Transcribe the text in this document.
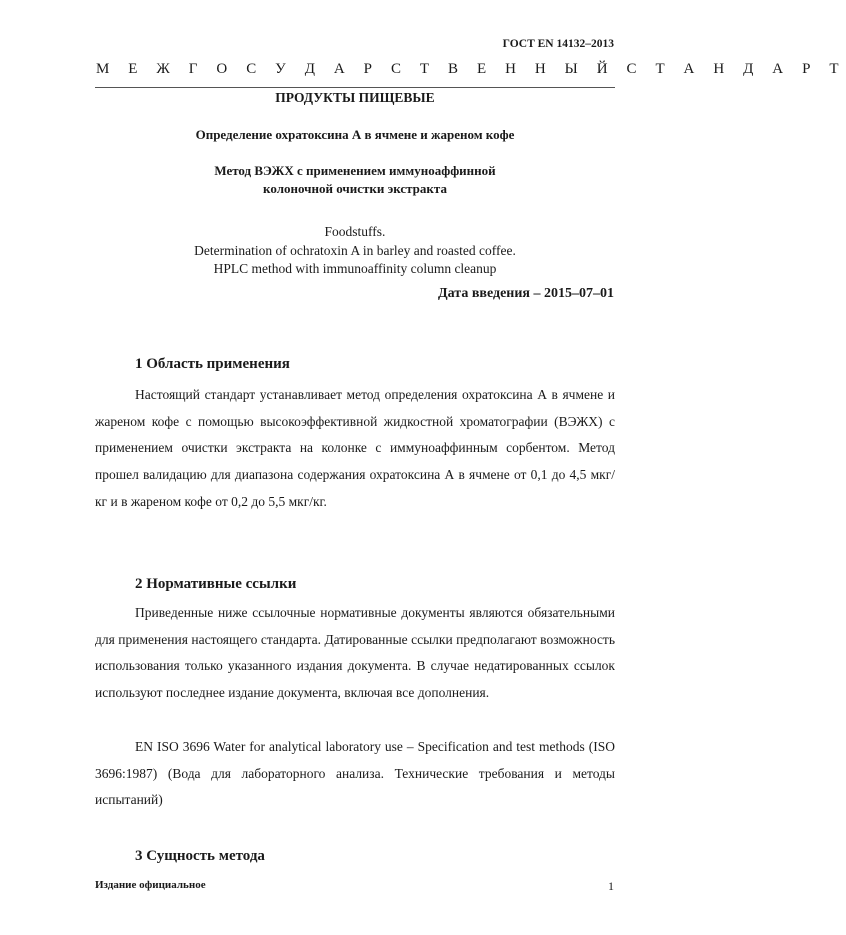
ГОСТ EN 14132–2013
М Е Ж Г О С У Д А Р С Т В Е Н Н Ы Й С Т А Н Д А Р Т
ПРОДУКТЫ ПИЩЕВЫЕ
Определение охратоксина А в ячмене и жареном кофе
Метод ВЭЖХ с применением иммуноаффинной
колоночной очистки экстракта
Foodstuffs.
Determination of ochratoxin A in barley and roasted coffee.
HPLC method with immunoaffinity column cleanup
Дата введения – 2015–07–01
1 Область применения

Настоящий стандарт устанавливает метод определения охратоксина А в ячмене и жареном кофе с помощью высокоэффективной жидкостной хроматографии (ВЭЖХ) с применением очистки экстракта на колонке с иммуноаффинным сорбентом. Метод прошел валидацию для диапазона содержания охратоксина А в ячмене от 0,1 до 4,5 мкг/кг и в жареном кофе от 0,2 до 5,5 мкг/кг.

2 Нормативные ссылки

Приведенные ниже ссылочные нормативные документы являются обязательными для применения настоящего стандарта. Датированные ссылки предполагают возможность использования только указанного издания документа. В случае недатированных ссылок используют последнее издание документа, включая все дополнения.

EN ISO 3696 Water for analytical laboratory use – Specification and test methods (ISO 3696:1987) (Вода для лабораторного анализа. Технические требования и методы испытаний)

3 Сущность метода
Издание официальное	1
